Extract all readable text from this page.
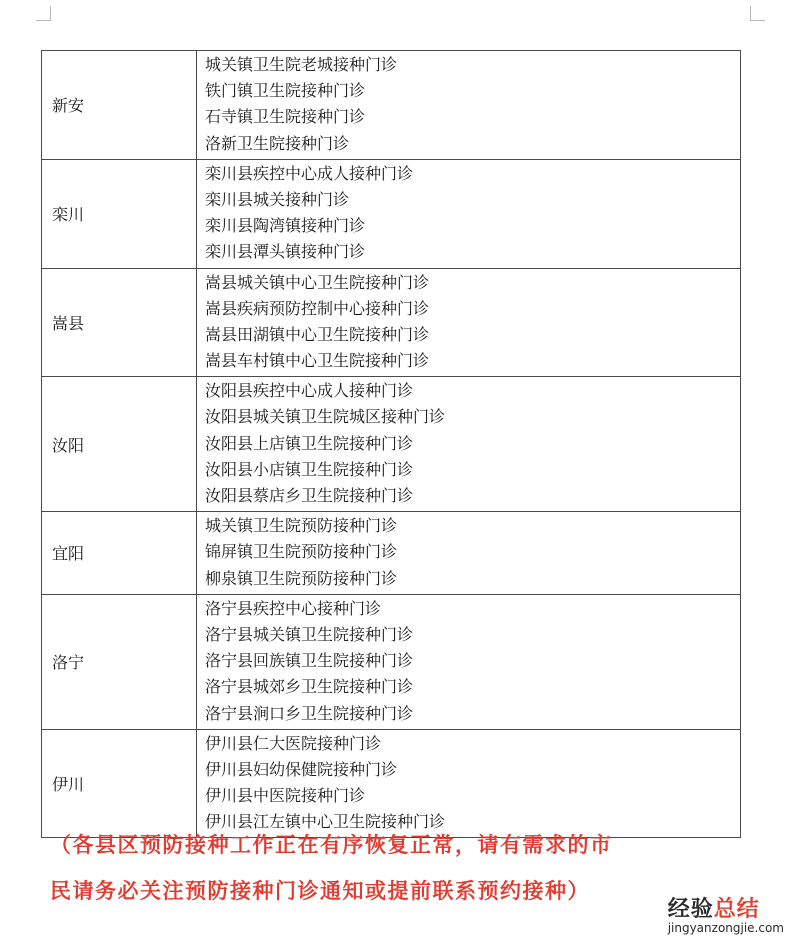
新安	城关镇卫生院老城接种门诊
铁门镇卫生院接种门诊
石寺镇卫生院接种门诊
洛新卫生院接种门诊

栾川	栾川县疾控中心成人接种门诊
栾川县城关接种门诊
栾川县陶湾镇接种门诊
栾川县潭头镇接种门诊

嵩县	嵩县城关镇中心卫生院接种门诊
嵩县疾病预防控制中心接种门诊
嵩县田湖镇中心卫生院接种门诊
嵩县车村镇中心卫生院接种门诊

汝阳	汝阳县疾控中心成人接种门诊
汝阳县城关镇卫生院城区接种门诊
汝阳县上店镇卫生院接种门诊
汝阳县小店镇卫生院接种门诊
汝阳县蔡店乡卫生院接种门诊

宜阳	城关镇卫生院预防接种门诊
锦屏镇卫生院预防接种门诊
柳泉镇卫生院预防接种门诊

洛宁	洛宁县疾控中心接种门诊
洛宁县城关镇卫生院接种门诊
洛宁县回族镇卫生院接种门诊
洛宁县城郊乡卫生院接种门诊
洛宁县涧口乡卫生院接种门诊

伊川	伊川县仁大医院接种门诊
伊川县妇幼保健院接种门诊
伊川县中医院接种门诊
伊川县江左镇中心卫生院接种门诊
（各县区预防接种工作正在有序恢复正常，请有需求的市
民请务必关注预防接种门诊通知或提前联系预约接种）
经验总结
jingyanzongjie.com
